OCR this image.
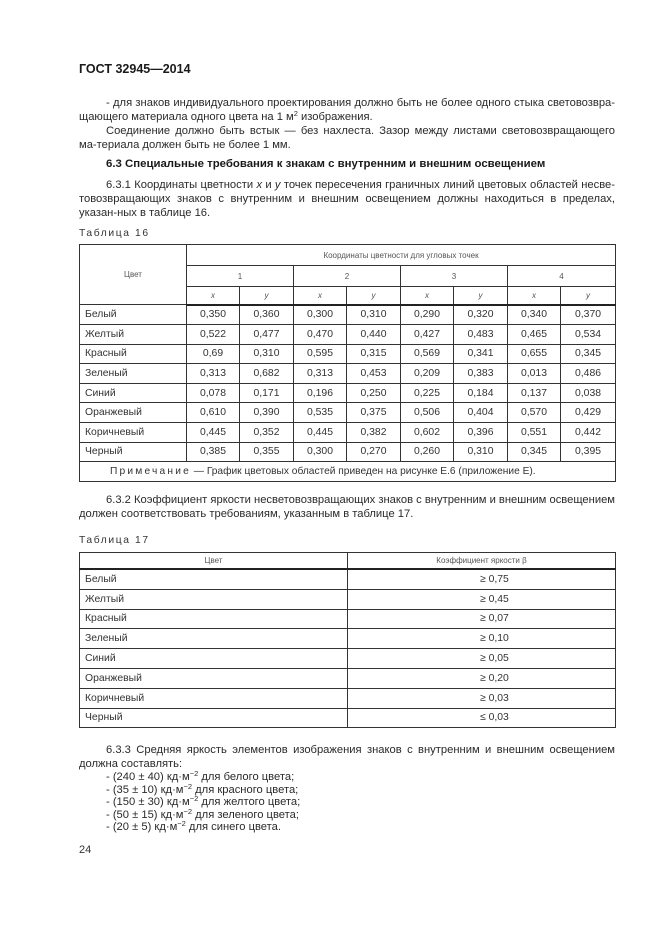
ГОСТ 32945—2014
- для знаков индивидуального проектирования должно быть не более одного стыка световозвра-щающего материала одного цвета на 1 $м^2$ изображения.
Соединение должно быть встык — без нахлеста. Зазор между листами световозвращающего ма-териала должен быть не более 1 мм.
6.3 Специальные требования к знакам с внутренним и внешним освещением
6.3.1 Координаты цветности x и y точек пересечения граничных линий цветовых областей несве-товозвращающих знаков с внутренним и внешним освещением должны находиться в пределах, указан-ных в таблице 16.
Таблица 16
Цвет	Координаты цветности для угловых точек							
	1		2		3		4	
	x	y	x	y	x	y	x	y
Белый	0,350	0,360	0,300	0,310	0,290	0,320	0,340	0,370
Желтый	0,522	0,477	0,470	0,440	0,427	0,483	0,465	0,534
Красный	0,69	0,310	0,595	0,315	0,569	0,341	0,655	0,345
Зеленый	0,313	0,682	0,313	0,453	0,209	0,383	0,013	0,486
Синий	0,078	0,171	0,196	0,250	0,225	0,184	0,137	0,038
Оранжевый	0,610	0,390	0,535	0,375	0,506	0,404	0,570	0,429
Коричневый	0,445	0,352	0,445	0,382	0,602	0,396	0,551	0,442
Черный	0,385	0,355	0,300	0,270	0,260	0,310	0,345	0,395
Примечание — График цветовых областей приведен на рисунке Е.6 (приложение Е).								
6.3.2 Коэффициент яркости несветовозвращающих знаков с внутренним и внешним освещением должен соответствовать требованиям, указанным в таблице 17.
Таблица 17
Цвет	Коэффициент яркости β
Белый	≥ 0,75
Желтый	≥ 0,45
Красный	≥ 0,07
Зеленый	≥ 0,10
Синий	≥ 0,05
Оранжевый	≥ 0,20
Коричневый	≥ 0,03
Черный	≤ 0,03
6.3.3 Средняя яркость элементов изображения знаков с внутренним и внешним освещением должна составлять:
- (240 ± 40) $кд\cdot м^{-2}$ для белого цвета;
- (35 ± 10) $кд\cdot м^{-2}$ для красного цвета;
- (150 ± 30) $кд\cdot м^{-2}$ для желтого цвета;
- (50 ± 15) $кд\cdot м^{-2}$ для зеленого цвета;
- (20 ± 5) $кд\cdot м^{-2}$ для синего цвета.
24
